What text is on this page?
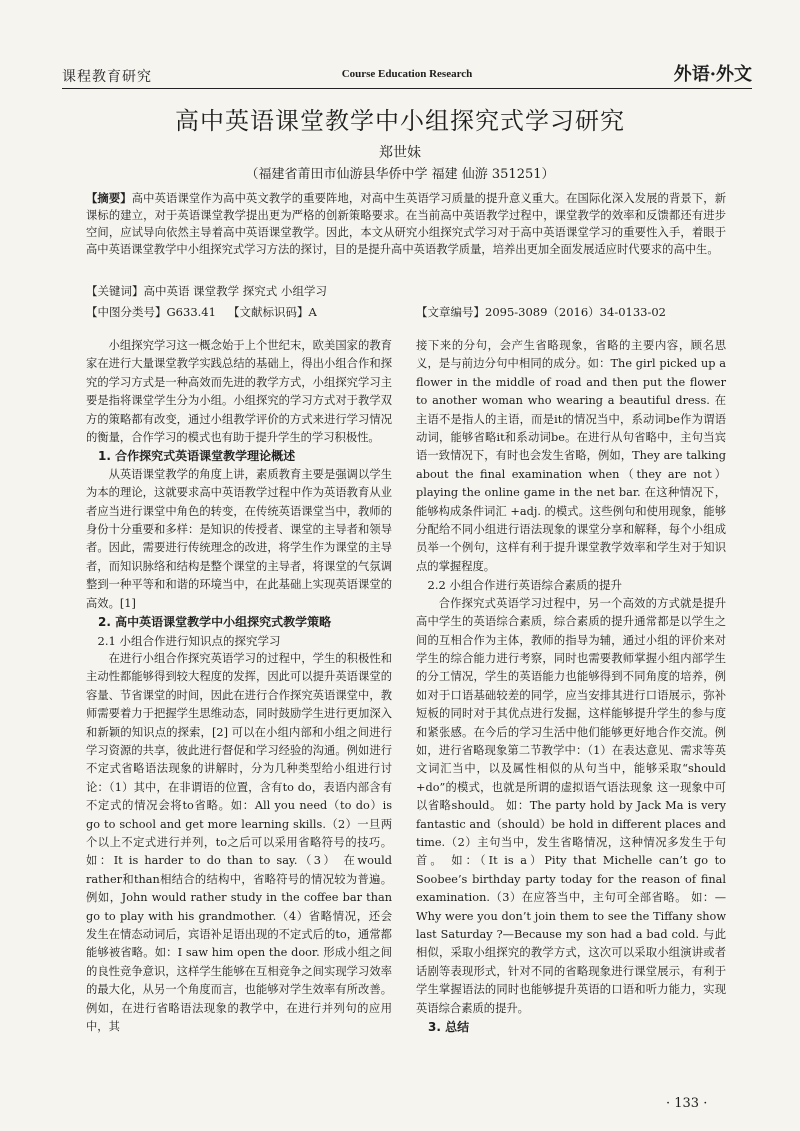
课程教育研究	Course Education Research	外语·外文
高中英语课堂教学中小组探究式学习研究
郑世妹
（福建省莆田市仙游县华侨中学 福建 仙游 351251）
【摘要】高中英语课堂作为高中英文教学的重要阵地，对高中生英语学习质量的提升意义重大。在国际化深入发展的背景下，新课标的建立，对于英语课堂教学提出更为严格的创新策略要求。在当前高中英语教学过程中，课堂教学的效率和反馈都还有进步空间，应试导向依然主导着高中英语课堂教学。因此，本文从研究小组探究式学习对于高中英语课堂学习的重要性入手，着眼于高中英语课堂教学中小组探究式学习方法的探讨，目的是提升高中英语教学质量，培养出更加全面发展适应时代要求的高中生。
【关键词】高中英语 课堂教学 探究式 小组学习
【中图分类号】G633.41 【文献标识码】A	【文章编号】2095-3089（2016）34-0133-02

小组探究学习这一概念始于上个世纪末，欧美国家的教育家在进行大量课堂教学实践总结的基础上，得出小组合作和探究的学习方式是一种高效而先进的教学方式，小组探究学习主要是指将课堂学生分为小组。小组探究的学习方式对于教学双方的策略都有改变，通过小组教学评价的方式来进行学习情况的衡量，合作学习的模式也有助于提升学生的学习积极性。

1. 合作探究式英语课堂教学理论概述

从英语课堂教学的角度上讲，素质教育主要是强调以学生为本的理论，这就要求高中英语教学过程中作为英语教育从业者应当进行课堂中角色的转变，在传统英语课堂当中，教师的身份十分重要和多样：是知识的传授者、课堂的主导者和领导者。因此，需要进行传统理念的改进，将学生作为课堂的主导者，而知识脉络和结构是整个课堂的主导者，将课堂的气氛调整到一种平等和和谐的环境当中，在此基础上实现英语课堂的高效。[1]

2. 高中英语课堂教学中小组探究式教学策略
2.1 小组合作进行知识点的探究学习

在进行小组合作探究英语学习的过程中，学生的积极性和主动性都能够得到较大程度的发挥，因此可以提升英语课堂的容量、节省课堂的时间，因此在进行合作探究英语课堂中，教师需要着力于把握学生思维动态，同时鼓励学生进行更加深入和新颖的知识点的探索，[2] 可以在小组内部和小组之间进行学习资源的共享，彼此进行督促和学习经验的沟通。例如进行不定式省略语法现象的讲解时，分为几种类型给小组进行讨论：（1）其中，在非谓语的位置，含有to do，表语内部含有不定式的情况会将to省略。如：All you need（to do）is go to school and get more learning skills.（2）一旦两个以上不定式进行并列，to之后可以采用省略符号的技巧。如：It is harder to do than to say.（3） 在would rather和than相结合的结构中，省略符号的情况较为普遍。例如，John would rather study in the coffee bar than go to play with his grandmother.（4）省略情况，还会发生在情态动词后，宾语补足语出现的不定式后的to，通常都能够被省略。如：I saw him open the door. 形成小组之间的良性竞争意识，这样学生能够在互相竞争之间实现学习效率的最大化，从另一个角度而言，也能够对学生效率有所改善。例如，在进行省略语法现象的教学中，在进行并列句的应用中，其

接下来的分句，会产生省略现象，省略的主要内容，顾名思义，是与前边分句中相同的成分。如：The girl picked up a flower in the middle of road and then put the flower to another woman who wearing a beautiful dress. 在主语不是指人的主语，而是it的情况当中，系动词be作为谓语动词，能够省略it和系动词be。在进行从句省略中，主句当宾语一致情况下，有时也会发生省略，例如，They are talking about the final examination when（they are not）playing the online game in the net bar. 在这种情况下，能够构成条件词汇 +adj. 的模式。这些例句和使用现象，能够分配给不同小组进行语法现象的课堂分享和解释，每个小组成员举一个例句，这样有利于提升课堂教学效率和学生对于知识点的掌握程度。

2.2 小组合作进行英语综合素质的提升

合作探究式英语学习过程中，另一个高效的方式就是提升高中学生的英语综合素质，综合素质的提升通常都是以学生之间的互相合作为主体，教师的指导为辅，通过小组的评价来对学生的综合能力进行考察，同时也需要教师掌握小组内部学生的分工情况，学生的英语能力也能够得到不同角度的培养，例如对于口语基础较差的同学，应当安排其进行口语展示，弥补短板的同时对于其优点进行发掘，这样能够提升学生的参与度和紧张感。在今后的学习生活中他们能够更好地合作交流。例如，进行省略现象第二节教学中：（1）在表达意见、需求等英文词汇当中，以及属性相似的从句当中，能够采取“should +do”的模式，也就是所谓的虚拟语气语法现象 这一现象中可以省略should。 如：The party hold by Jack Ma is very fantastic and（should）be hold in different places and time.（2）主句当中，发生省略情况，这种情况多发生于句首。 如：（It is a）Pity that Michelle can’t go to Soobee’s birthday party today for the reason of final examination.（3）在应答当中，主句可全部省略。 如：—Why were you don’t join them to see the Tiffany show last Saturday ?—Because my son had a bad cold. 与此相似，采取小组探究的教学方式，这次可以采取小组演讲或者话剧等表现形式，针对不同的省略现象进行课堂展示，有利于学生掌握语法的同时也能够提升英语的口语和听力能力，实现英语综合素质的提升。

3. 总结
· 133 ·
